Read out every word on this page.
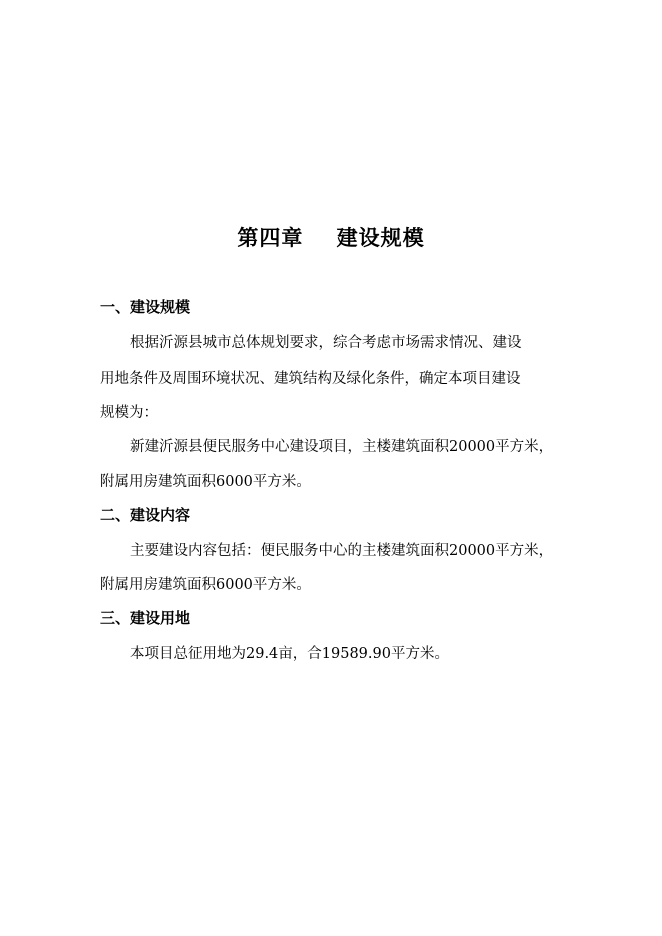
第四章    建设规模
一、建设规模
根据沂源县城市总体规划要求，综合考虑市场需求情况、建设
用地条件及周围环境状况、建筑结构及绿化条件，确定本项目建设
规模为：
新建沂源县便民服务中心建设项目，主楼建筑面积20000平方米，
附属用房建筑面积6000平方米。
二、建设内容
主要建设内容包括：便民服务中心的主楼建筑面积20000平方米，
附属用房建筑面积6000平方米。
三、建设用地
本项目总征用地为29.4亩，合19589.90平方米。
